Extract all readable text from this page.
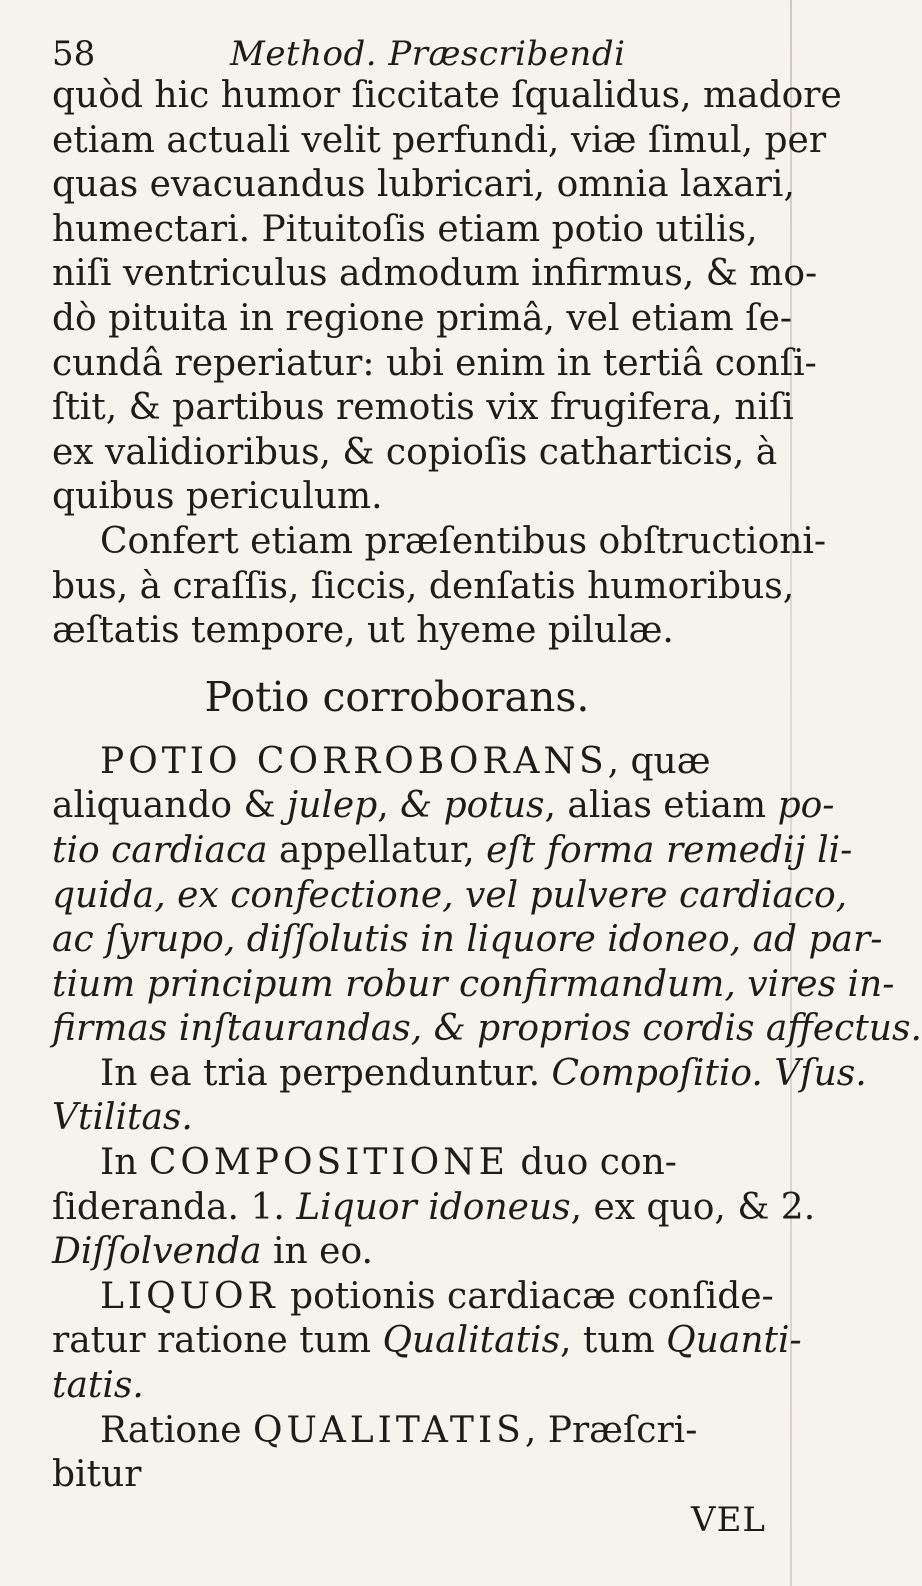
58	Method. Præscribendi
quòd hic humor ſiccitate ſqualidus, madore
etiam actuali velit perfundi, viæ ſimul, per
quas evacuandus lubricari, omnia laxari,
humectari. Pituitoſis etiam potio utilis,
niſi ventriculus admodum infirmus, & mo-
dò pituita in regione primâ, vel etiam ſe-
cundâ reperiatur: ubi enim in tertiâ conſi-
ſtit, & partibus remotis vix frugifera, niſi
ex validioribus, & copioſis catharticis, à
quibus periculum.
Confert etiam præſentibus obſtructioni-
bus, à craſſis, ſiccis, denſatis humoribus,
æſtatis tempore, ut hyeme pilulæ.
Potio corroborans.
POTIO CORROBORANS, quæ
aliquando & julep, & potus, alias etiam po-
tio cardiaca appellatur, eſt forma remedij li-
quida, ex confectione, vel pulvere cardiaco,
ac ſyrupo, diſſolutis in liquore idoneo, ad par-
tium principum robur confirmandum, vires in-
firmas inſtaurandas, & proprios cordis affectus.
In ea tria perpenduntur. Compoſitio. Vſus.
Vtilitas.
In COMPOSITIONE duo con-
ſideranda. 1. Liquor idoneus, ex quo, & 2.
Diſſolvenda in eo.
LIQUOR potionis cardiacæ conſide-
ratur ratione tum Qualitatis, tum Quanti-
tatis.
Ratione QUALITATIS, Præſcri-
bitur
VEL
